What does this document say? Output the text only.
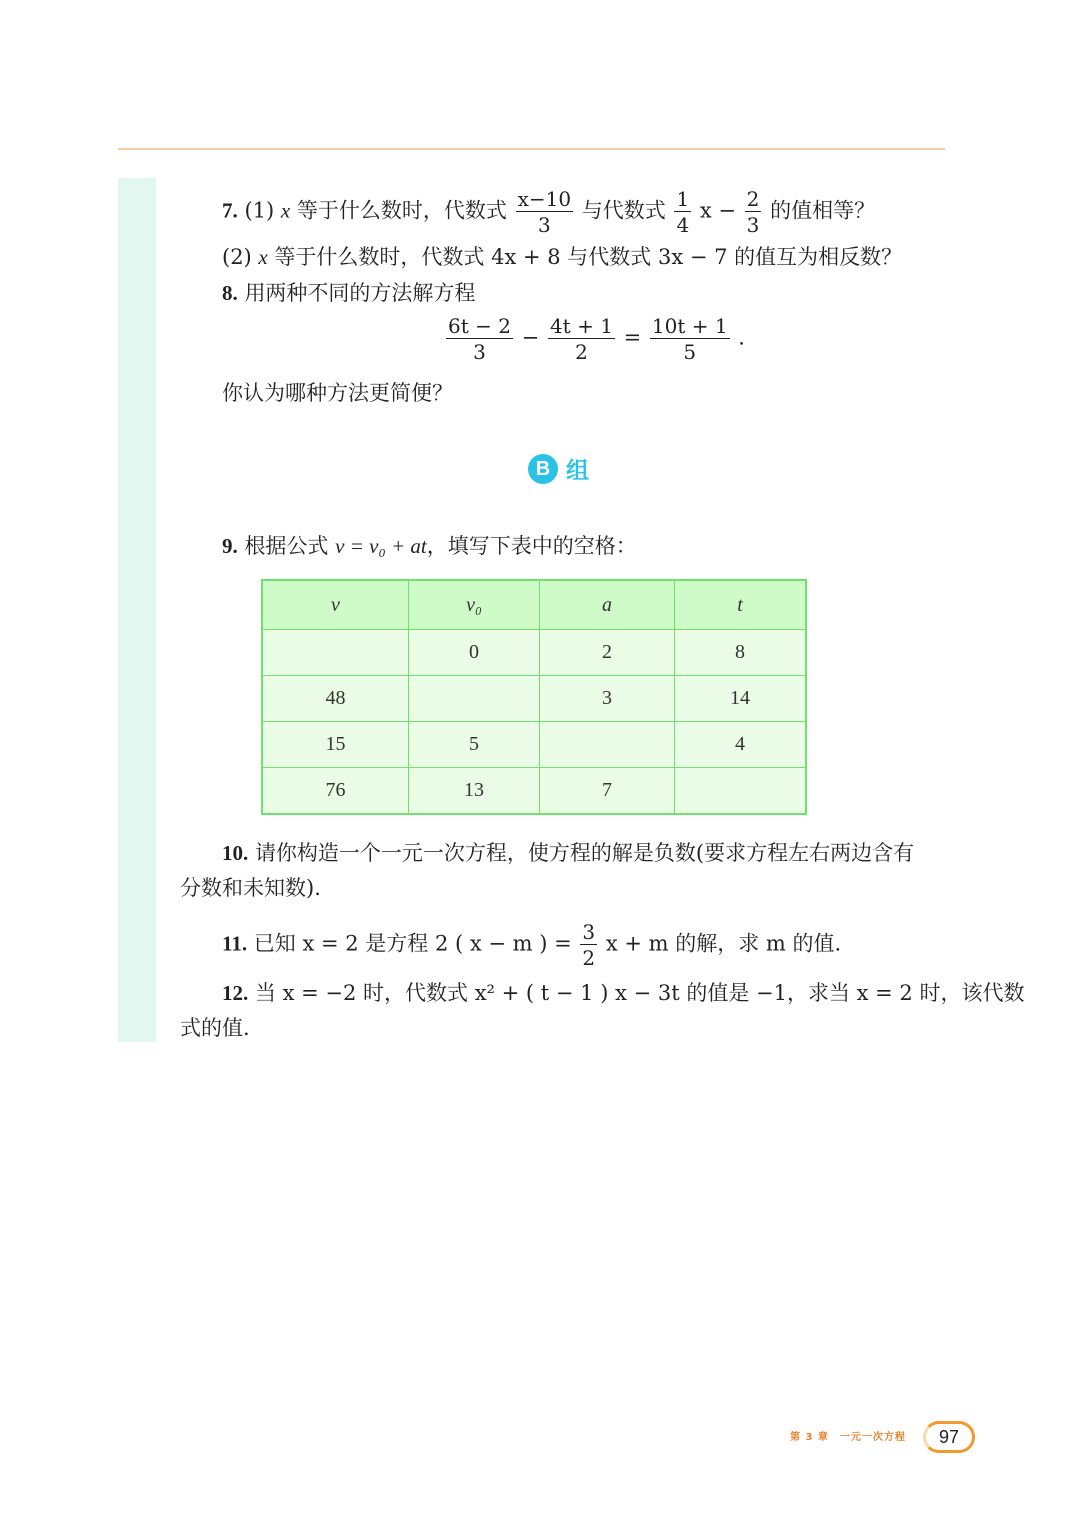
7. (1) x 等于什么数时，代数式 $\frac{x-10}{3}$ 与代数式 $\frac{1}{4}$ $x - \frac{2}{3}$ 的值相等？
(2) x 等于什么数时，代数式 4x + 8 与代数式 3x − 7 的值互为相反数？
8. 用两种不同的方法解方程
$\frac{6t - 2}{3} - \frac{4t + 1}{2} = \frac{10t + 1}{5}$ .
你认为哪种方法更简便？
B 组
9. 根据公式 v = v₀ + at，填写下表中的空格：
v	v₀	a	t
	0	2	8
48		3	14
15	5		4
76	13	7	
10. 请你构造一个一元一次方程，使方程的解是负数(要求方程左右两边含有
分数和未知数).
11. 已知 x = 2 是方程 2 ( x − m ) = $\frac{3}{2}$ x + m 的解，求 m 的值.
12. 当 x = −2 时，代数式 x² + ( t − 1 ) x − 3t 的值是 −1，求当 x = 2 时，该代数
式的值.
第 3 章　一元一次方程	97
